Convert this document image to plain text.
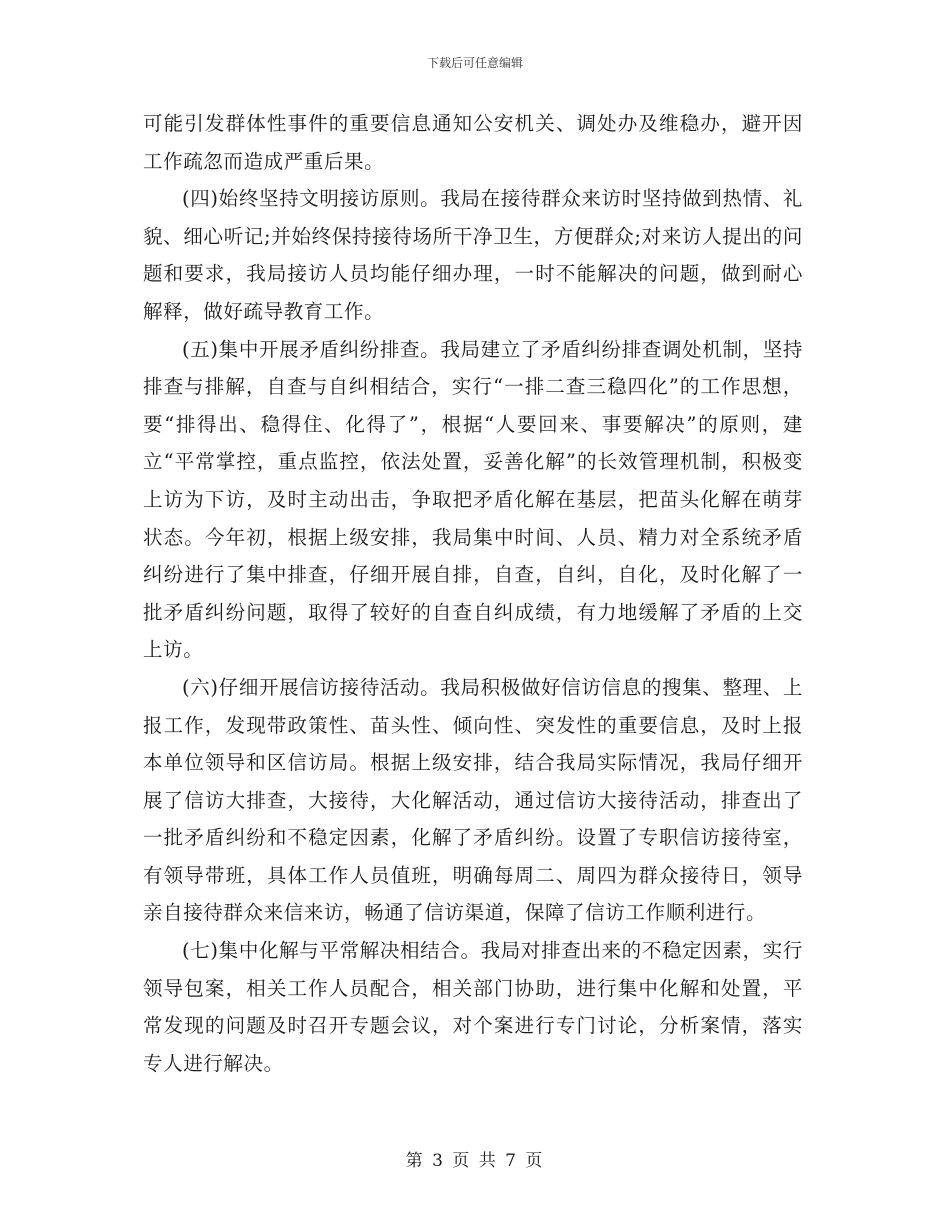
下载后可任意编辑

可能引发群体性事件的重要信息通知公安机关、调处办及维稳办，避开因工作疏忽而造成严重后果。

(四)始终坚持文明接访原则。我局在接待群众来访时坚持做到热情、礼貌、细心听记;并始终保持接待场所干净卫生，方便群众;对来访人提出的问题和要求，我局接访人员均能仔细办理，一时不能解决的问题，做到耐心解释，做好疏导教育工作。

(五)集中开展矛盾纠纷排查。我局建立了矛盾纠纷排查调处机制，坚持排查与排解，自查与自纠相结合，实行“一排二查三稳四化”的工作思想，要“排得出、稳得住、化得了”，根据“人要回来、事要解决”的原则，建立“平常掌控，重点监控，依法处置，妥善化解”的长效管理机制，积极变上访为下访，及时主动出击，争取把矛盾化解在基层，把苗头化解在萌芽状态。今年初，根据上级安排，我局集中时间、人员、精力对全系统矛盾纠纷进行了集中排查，仔细开展自排，自查，自纠，自化，及时化解了一批矛盾纠纷问题，取得了较好的自查自纠成绩，有力地缓解了矛盾的上交上访。

(六)仔细开展信访接待活动。我局积极做好信访信息的搜集、整理、上报工作，发现带政策性、苗头性、倾向性、突发性的重要信息，及时上报本单位领导和区信访局。根据上级安排，结合我局实际情况，我局仔细开展了信访大排查，大接待，大化解活动，通过信访大接待活动，排查出了一批矛盾纠纷和不稳定因素，化解了矛盾纠纷。设置了专职信访接待室，有领导带班，具体工作人员值班，明确每周二、周四为群众接待日，领导亲自接待群众来信来访，畅通了信访渠道，保障了信访工作顺利进行。

(七)集中化解与平常解决相结合。我局对排查出来的不稳定因素，实行领导包案，相关工作人员配合，相关部门协助，进行集中化解和处置，平常发现的问题及时召开专题会议，对个案进行专门讨论，分析案情，落实专人进行解决。

第 3 页 共 7 页
